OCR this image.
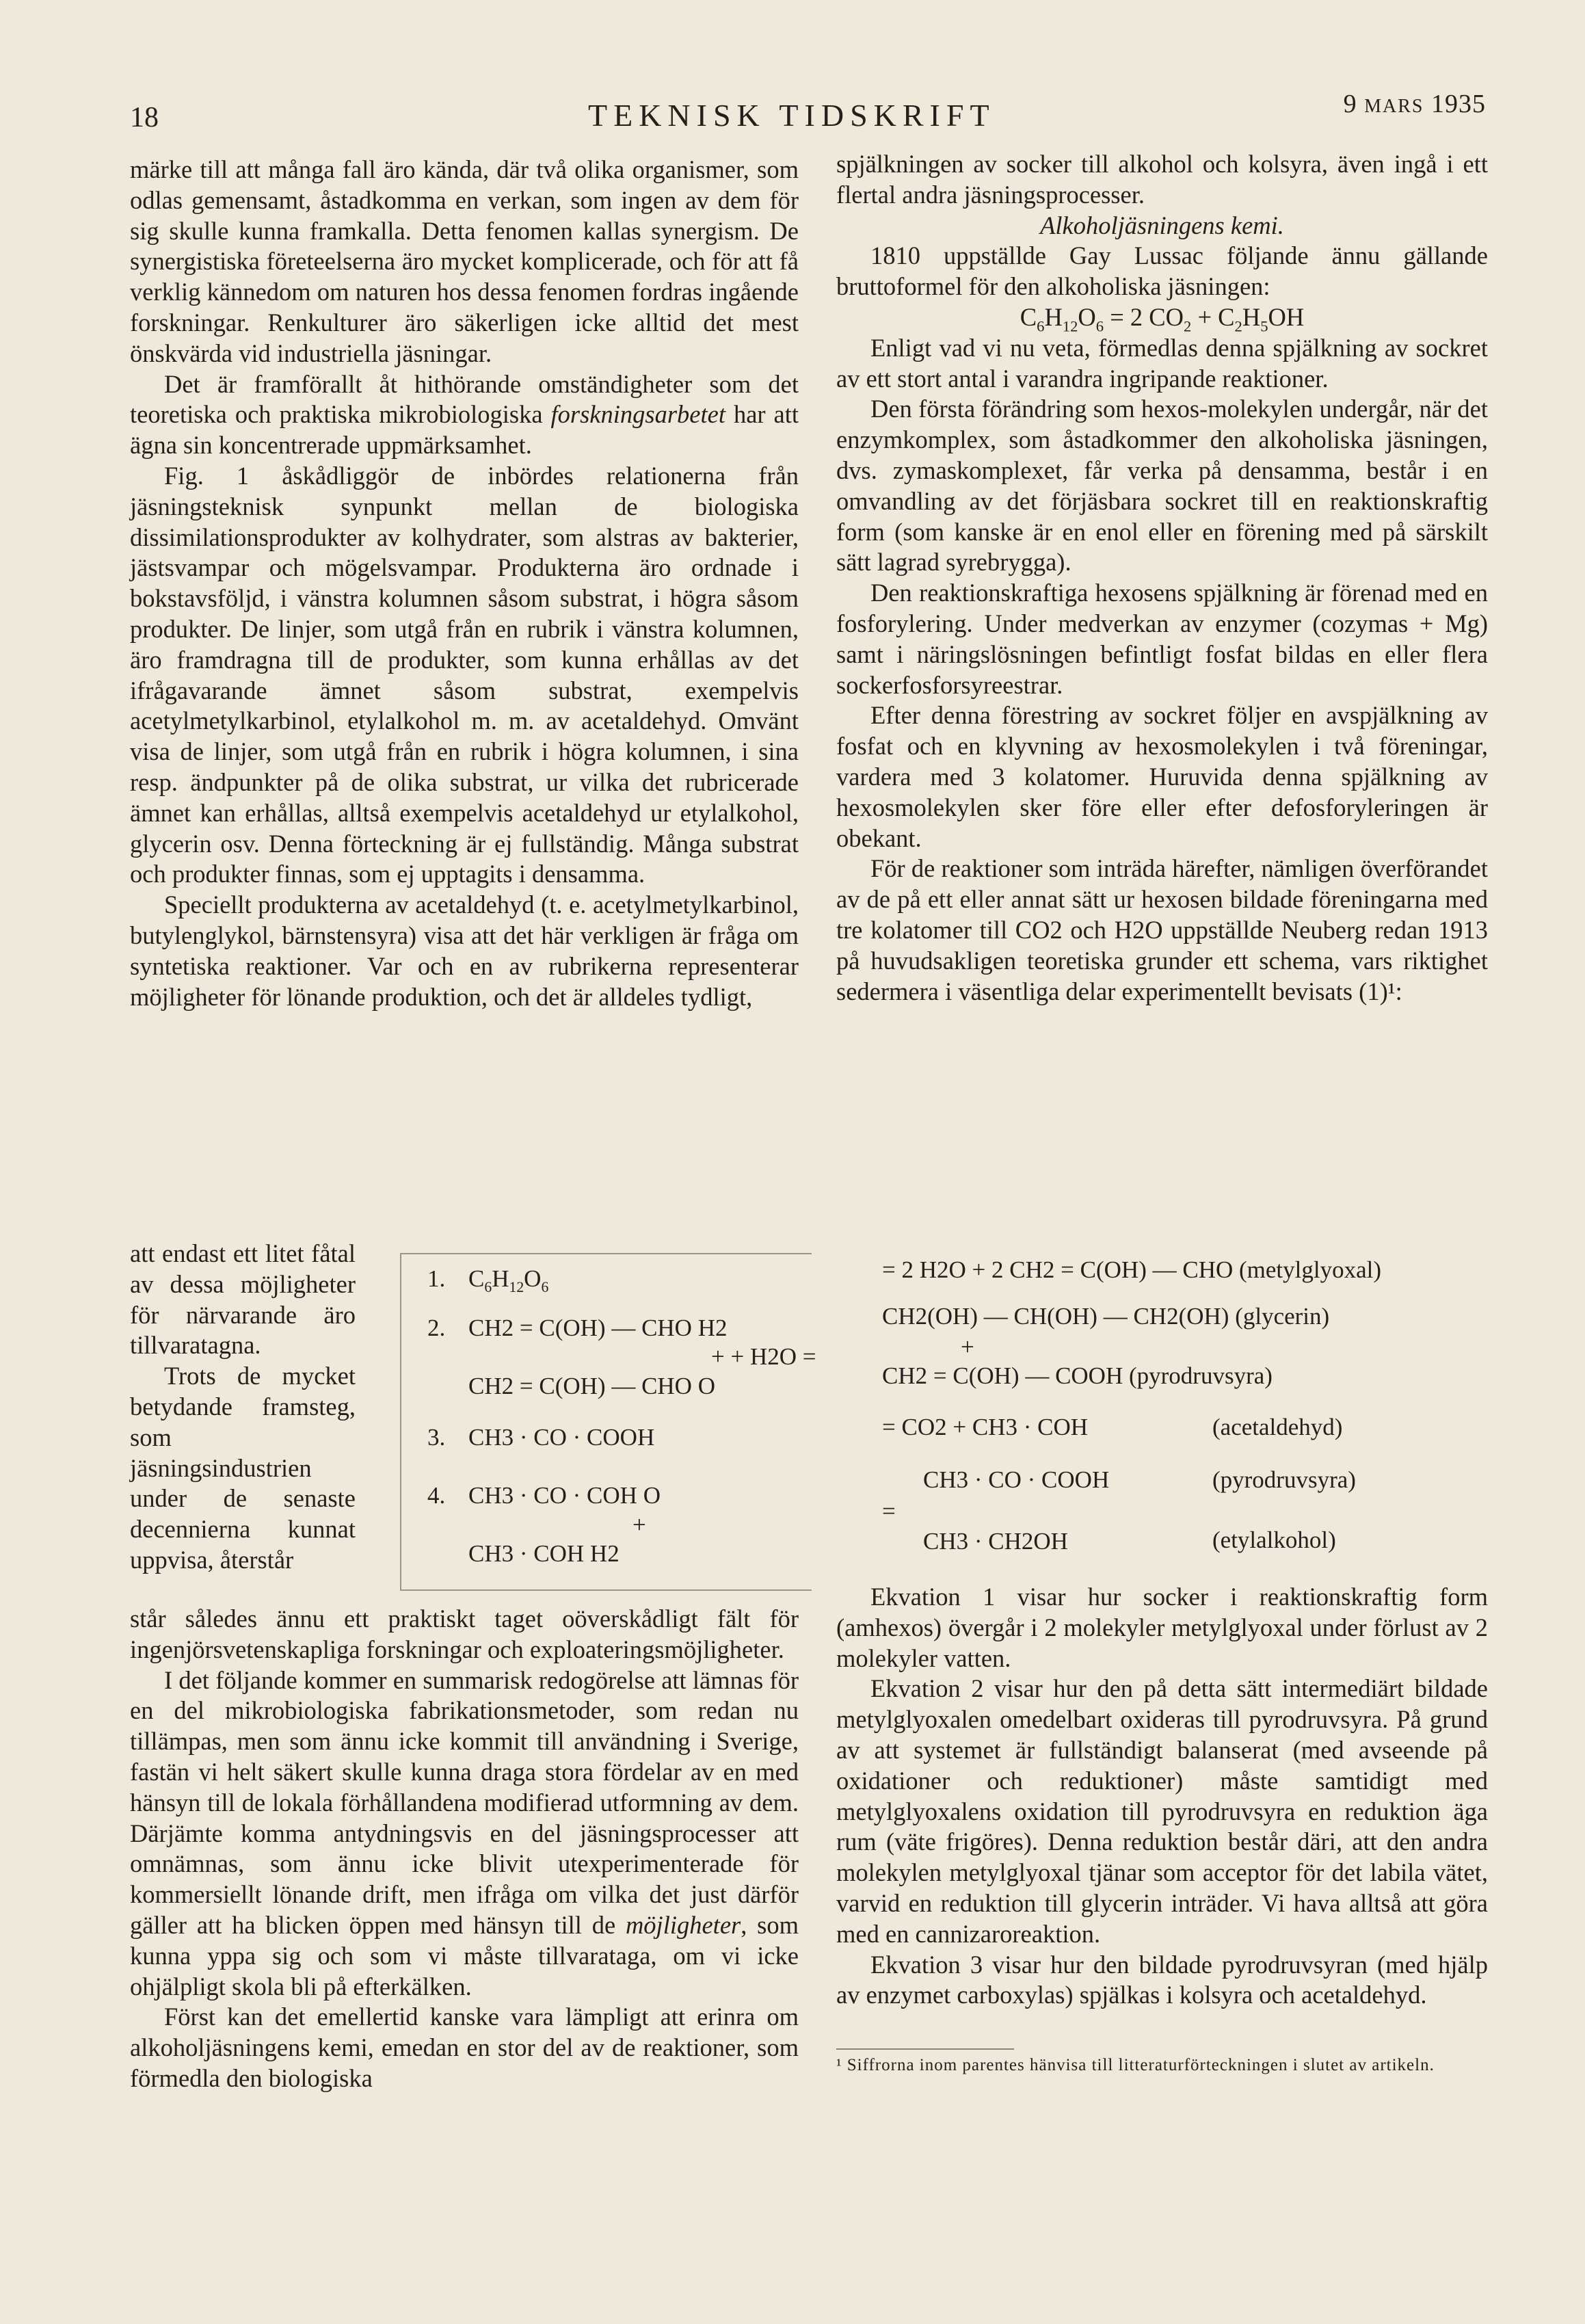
18	TEKNISK TIDSKRIFT	9 MARS 1935

märke till att många fall äro kända, där två olika organismer, som odlas gemensamt, åstadkomma en verkan, som ingen av dem för sig skulle kunna framkalla. Detta fenomen kallas synergism. De synergistiska företeelserna äro mycket komplicerade, och för att få verklig kännedom om naturen hos dessa fenomen fordras ingående forskningar. Renkulturer äro säkerligen icke alltid det mest önskvärda vid industriella jäsningar.

Det är framförallt åt hithörande omständigheter som det teoretiska och praktiska mikrobiologiska forskningsarbetet har att ägna sin koncentrerade uppmärksamhet.

Fig. 1 åskådliggör de inbördes relationerna från jäsningsteknisk synpunkt mellan de biologiska dissimilationsprodukter av kolhydrater, som alstras av bakterier, jästsvampar och mögelsvampar. Produkterna äro ordnade i bokstavsföljd, i vänstra kolumnen såsom substrat, i högra såsom produkter. De linjer, som utgå från en rubrik i vänstra kolumnen, äro framdragna till de produkter, som kunna erhållas av det ifrågavarande ämnet såsom substrat, exempelvis acetylmetylkarbinol, etylalkohol m. m. av acetaldehyd. Omvänt visa de linjer, som utgå från en rubrik i högra kolumnen, i sina resp. ändpunkter på de olika substrat, ur vilka det rubricerade ämnet kan erhållas, alltså exempelvis acetaldehyd ur etylalkohol, glycerin osv. Denna förteckning är ej fullständig. Många substrat och produkter finnas, som ej upptagits i densamma.

Speciellt produkterna av acetaldehyd (t. e. acetylmetylkarbinol, butylenglykol, bärnstensyra) visa att det här verkligen är fråga om syntetiska reaktioner. Var och en av rubrikerna representerar möjligheter för lönande produktion, och det är alldeles tydligt,

att endast ett litet fåtal av dessa möjligheter för närvarande äro tillvaratagna.

Trots de mycket betydande framsteg, som jäsningsindustrien under de senaste decennierna kunnat uppvisa, återstår

1. $C_6H_{12}O_6$
= 2 H2O + 2 CH2 = C(OH) — CHO (metylglyoxal)
2. CH2 = C(OH) — CHO H2
+ + H2O =
CH2 = C(OH) — CHO O
CH2(OH) — CH(OH) — CH2(OH) (glycerin)
+
CH2 = C(OH) — COOH (pyrodruvsyra)
3. CH3 · CO · COOH	= CO2 + CH3 · COH	(acetaldehyd)
4. CH3 · CO · COH O
+
CH3 · COH H2
CH3 · CO · COOH	(pyrodruvsyra)
=
CH3 · CH2OH	(etylalkohol)

står således ännu ett praktiskt taget oöverskådligt fält för ingenjörsvetenskapliga forskningar och exploateringsmöjligheter.

I det följande kommer en summarisk redogörelse att lämnas för en del mikrobiologiska fabrikationsmetoder, som redan nu tillämpas, men som ännu icke kommit till användning i Sverige, fastän vi helt säkert skulle kunna draga stora fördelar av en med hänsyn till de lokala förhållandena modifierad utformning av dem. Därjämte komma antydningsvis en del jäsningsprocesser att omnämnas, som ännu icke blivit utexperimenterade för kommersiellt lönande drift, men ifråga om vilka det just därför gäller att ha blicken öppen med hänsyn till de möjligheter, som kunna yppa sig och som vi måste tillvarataga, om vi icke ohjälpligt skola bli på efterkälken.

Först kan det emellertid kanske vara lämpligt att erinra om alkoholjäsningens kemi, emedan en stor del av de reaktioner, som förmedla den biologiska

spjälkningen av socker till alkohol och kolsyra, även ingå i ett flertal andra jäsningsprocesser.

Alkoholjäsningens kemi.

1810 uppställde Gay Lussac följande ännu gällande bruttoformel för den alkoholiska jäsningen:

$C_6H_{12}O_6 = 2$ $CO_2 + C_2H_5OH$

Enligt vad vi nu veta, förmedlas denna spjälkning av sockret av ett stort antal i varandra ingripande reaktioner.

Den första förändring som hexos-molekylen undergår, när det enzymkomplex, som åstadkommer den alkoholiska jäsningen, dvs. zymaskomplexet, får verka på densamma, består i en omvandling av det förjäsbara sockret till en reaktionskraftig form (som kanske är en enol eller en förening med på särskilt sätt lagrad syrebrygga).

Den reaktionskraftiga hexosens spjälkning är förenad med en fosforylering. Under medverkan av enzymer (cozymas + Mg) samt i näringslösningen befintligt fosfat bildas en eller flera sockerfosforsyreestrar.

Efter denna förestring av sockret följer en avspjälkning av fosfat och en klyvning av hexosmolekylen i två föreningar, vardera med 3 kolatomer. Huruvida denna spjälkning av hexosmolekylen sker före eller efter defosforyleringen är obekant.

För de reaktioner som inträda härefter, nämligen överförandet av de på ett eller annat sätt ur hexosen bildade föreningarna med tre kolatomer till CO2 och H2O uppställde Neuberg redan 1913 på huvudsakligen teoretiska grunder ett schema, vars riktighet sedermera i väsentliga delar experimentellt bevisats (1)¹:

Ekvation 1 visar hur socker i reaktionskraftig form (amhexos) övergår i 2 molekyler metylglyoxal under förlust av 2 molekyler vatten.

Ekvation 2 visar hur den på detta sätt intermediärt bildade metylglyoxalen omedelbart oxideras till pyrodruvsyra. På grund av att systemet är fullständigt balanserat (med avseende på oxidationer och reduktioner) måste samtidigt med metylglyoxalens oxidation till pyrodruvsyra en reduktion äga rum (väte frigöres). Denna reduktion består däri, att den andra molekylen metylglyoxal tjänar som acceptor för det labila vätet, varvid en reduktion till glycerin inträder. Vi hava alltså att göra med en cannizaroreaktion.

Ekvation 3 visar hur den bildade pyrodruvsyran (med hjälp av enzymet carboxylas) spjälkas i kolsyra och acetaldehyd.

¹ Siffrorna inom parentes hänvisa till litteraturförteckningen i slutet av artikeln.
